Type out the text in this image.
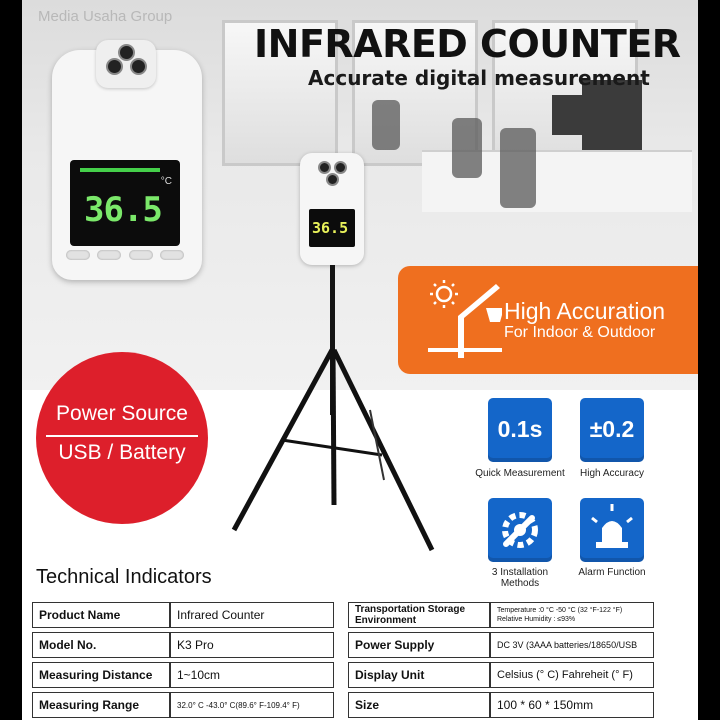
Media Usaha Group
INFRARED COUNTER
Accurate digital measurement
°C
36.5	36.5
High Accuration
For Indoor & Outdoor
Power Source
USB / Battery
0.1s
Quick Measurement
±0.2
High Accuracy
3 Installation Methods
Alarm Function
Technical Indicators
Product Name	Infrared Counter
Model No.	K3 Pro
Measuring Distance	1~10cm
Measuring Range	32.0° C -43.0° C(89.6° F-109.4° F)
Transportation Storage Environment	Temperature :0 °C -50 °C (32 °F-122 °F) Relative Humidity : ≤93%
Power Supply	DC 3V (3AAA batteries/18650/USB
Display Unit	Celsius (° C) Fahreheit (° F)
Size	100 * 60 * 150mm
